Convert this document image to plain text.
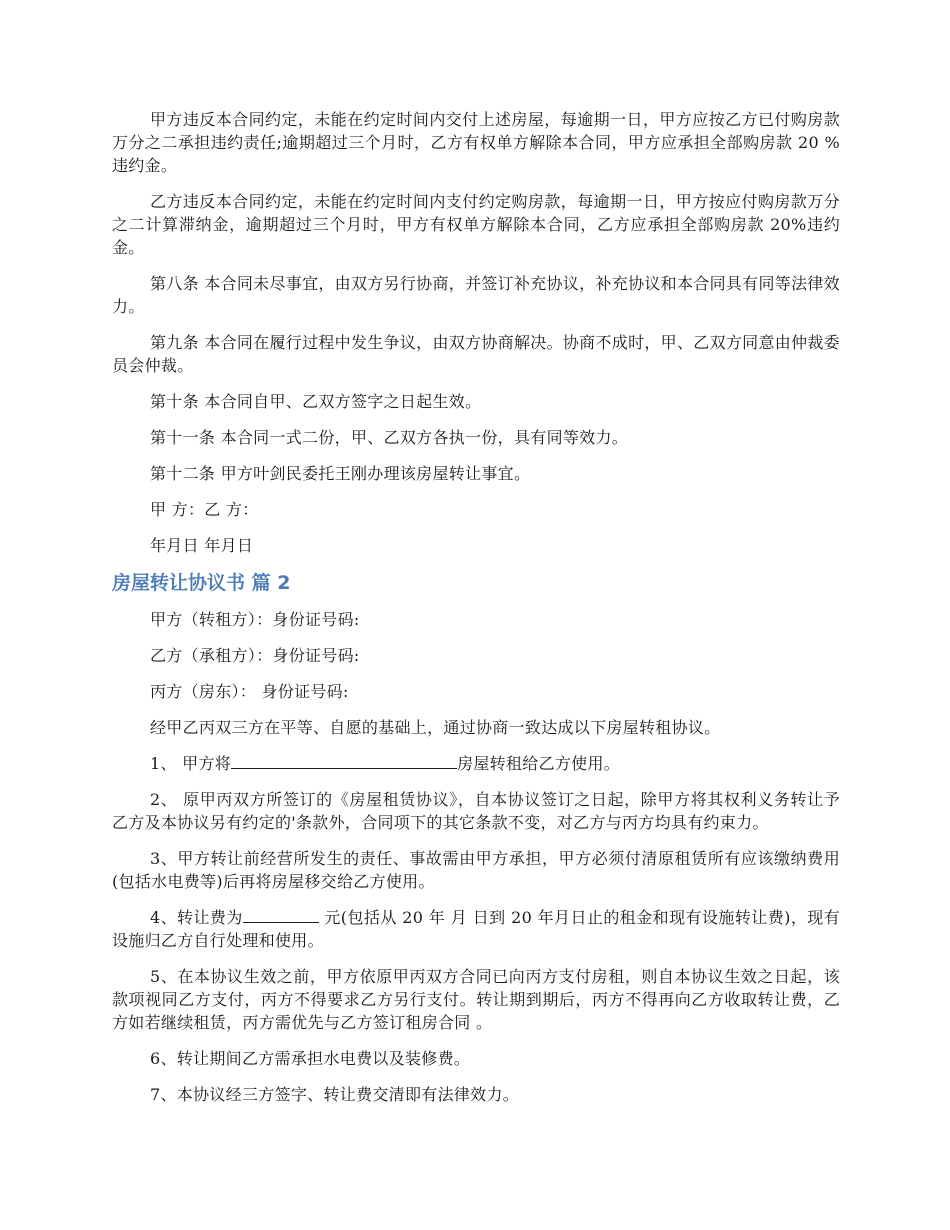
甲方违反本合同约定，未能在约定时间内交付上述房屋，每逾期一日，甲方应按乙方已付购房款万分之二承担违约责任;逾期超过三个月时，乙方有权单方解除本合同，甲方应承担全部购房款 20 %违约金。

乙方违反本合同约定，未能在约定时间内支付约定购房款，每逾期一日，甲方按应付购房款万分之二计算滞纳金，逾期超过三个月时，甲方有权单方解除本合同，乙方应承担全部购房款 20%违约金。

第八条 本合同未尽事宜，由双方另行协商，并签订补充协议，补充协议和本合同具有同等法律效力。

第九条 本合同在履行过程中发生争议，由双方协商解决。协商不成时，甲、乙双方同意由仲裁委员会仲裁。

第十条 本合同自甲、乙双方签字之日起生效。

第十一条 本合同一式二份，甲、乙双方各执一份，具有同等效力。

第十二条 甲方叶剑民委托王刚办理该房屋转让事宜。

甲 方：乙 方：

年月日 年月日

房屋转让协议书 篇 2

甲方（转租方）：身份证号码:

乙方（承租方）：身份证号码:

丙方（房东）： 身份证号码:

经甲乙丙双三方在平等、自愿的基础上，通过协商一致达成以下房屋转租协议。

1、 甲方将	房屋转租给乙方使用。

2、 原甲丙双方所签订的《房屋租赁协议》，自本协议签订之日起，除甲方将其权利义务转让予乙方及本协议另有约定的'条款外，合同项下的其它条款不变，对乙方与丙方均具有约束力。

3、甲方转让前经营所发生的责任、事故需由甲方承担，甲方必须付清原租赁所有应该缴纳费用(包括水电费等)后再将房屋移交给乙方使用。

4、转让费为	元(包括从 20 年 月 日到 20 年月日止的租金和现有设施转让费)，现有设施归乙方自行处理和使用。

5、在本协议生效之前，甲方依原甲丙双方合同已向丙方支付房租，则自本协议生效之日起，该款项视同乙方支付，丙方不得要求乙方另行支付。转让期到期后，丙方不得再向乙方收取转让费，乙方如若继续租赁，丙方需优先与乙方签订租房合同 。

6、转让期间乙方需承担水电费以及装修费。

7、本协议经三方签字、转让费交清即有法律效力。
